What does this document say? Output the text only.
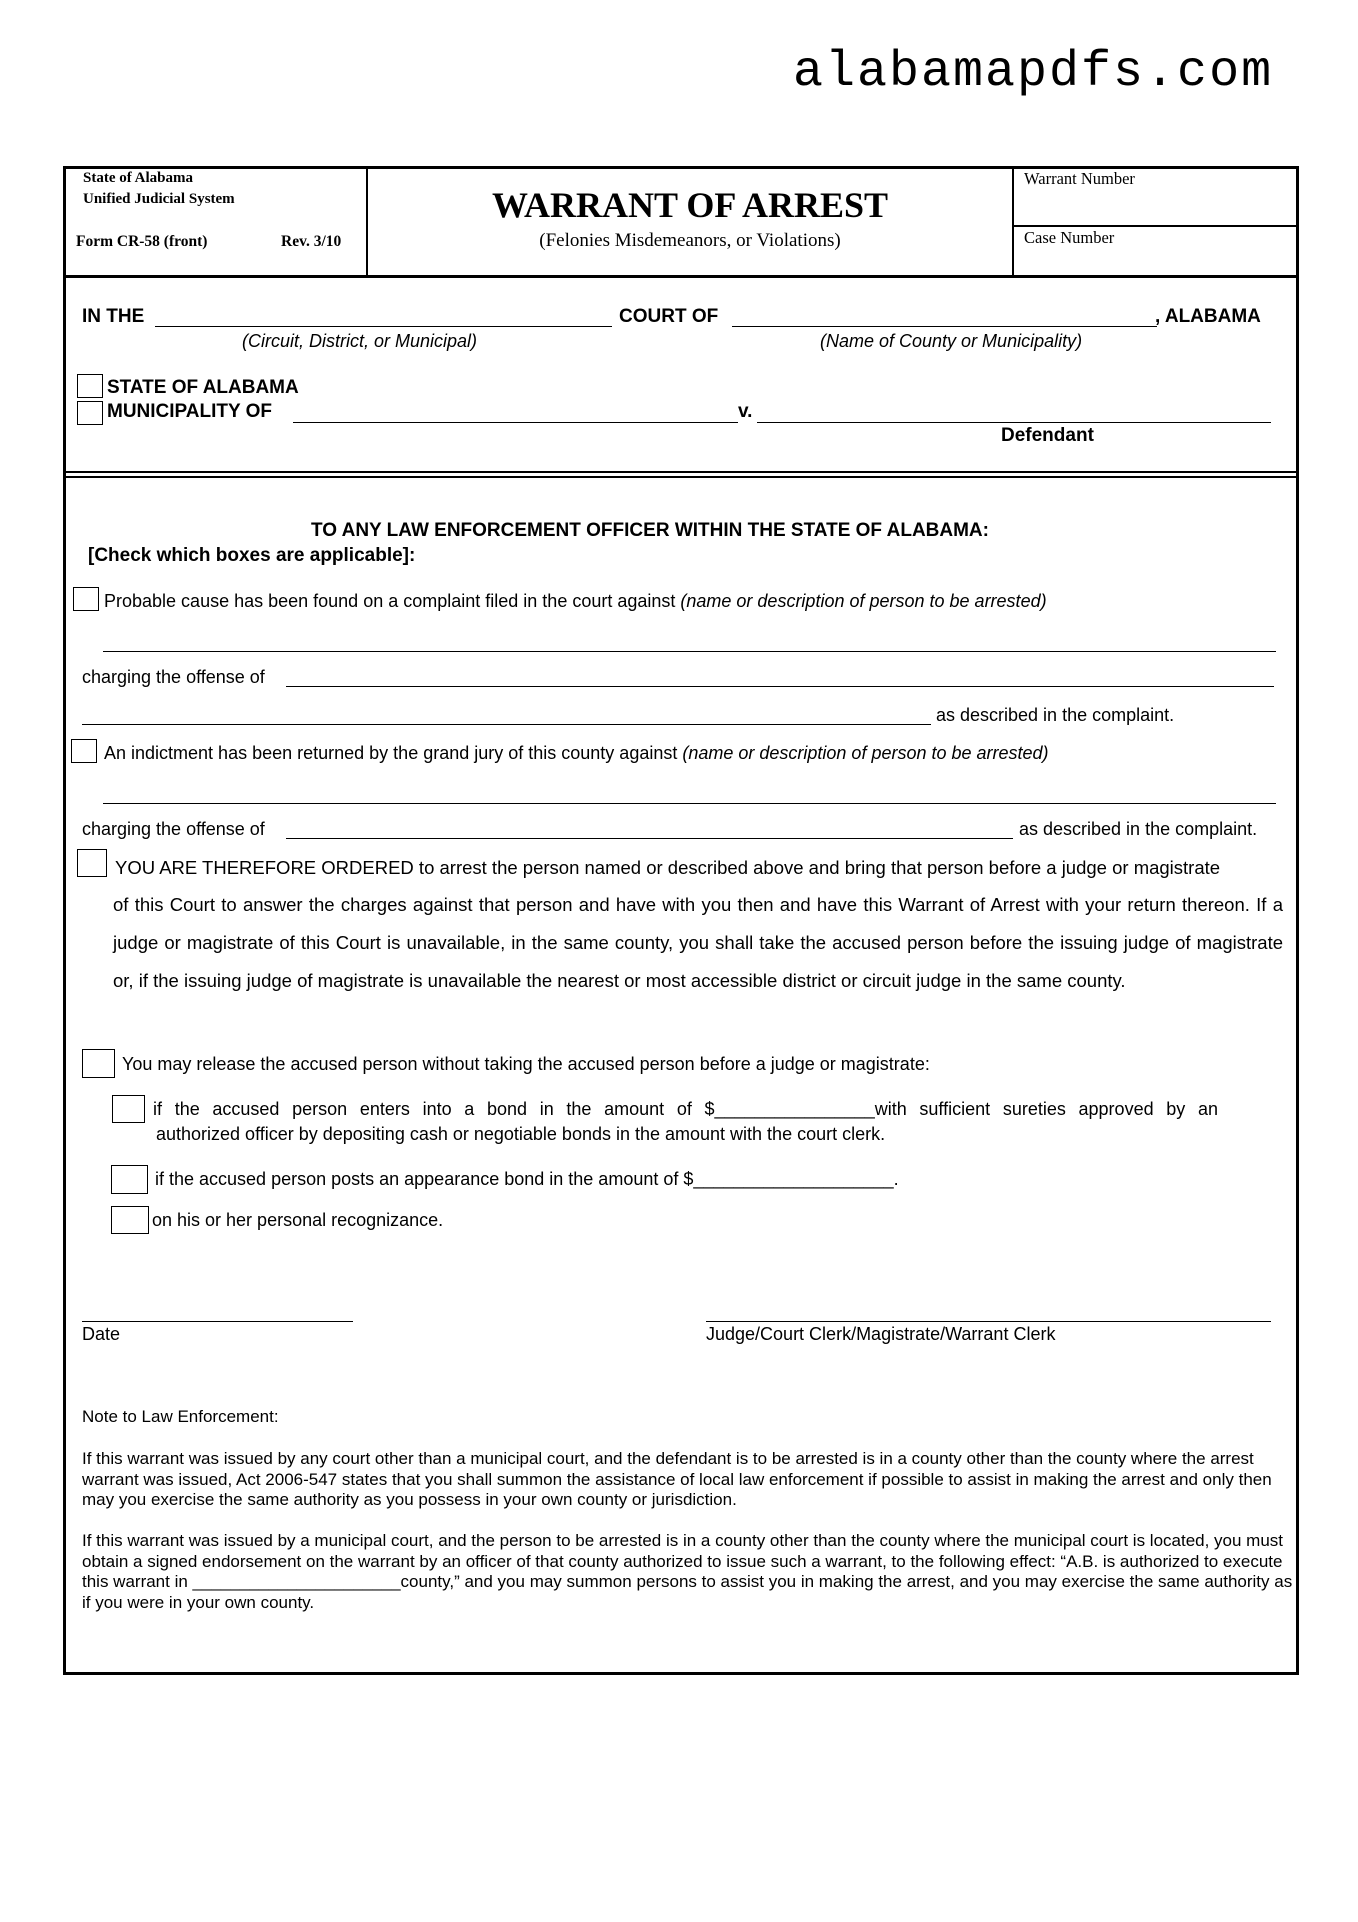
alabamapdfs.com
State of Alabama
Unified Judicial System
Form CR-58 (front)	Rev. 3/10
WARRANT OF ARREST
(Felonies Misdemeanors, or Violations)
Warrant Number
Case Number
IN THE	COURT OF	, ALABAMA
(Circuit, District, or Municipal)	(Name of County or Municipality)
STATE OF ALABAMA
MUNICIPALITY OF	v.
Defendant
TO ANY LAW ENFORCEMENT OFFICER WITHIN THE STATE OF ALABAMA:
[Check which boxes are applicable]:
Probable cause has been found on a complaint filed in the court against (name or description of person to be arrested)
charging the offense of
as described in the complaint.
An indictment has been returned by the grand jury of this county against (name or description of person to be arrested)
charging the offense of	as described in the complaint.
YOU ARE THEREFORE ORDERED to arrest the person named or described above and bring that person before a judge or magistrate
of this Court to answer the charges against that person and have with you then and have this Warrant of Arrest with your return thereon. If a judge or magistrate of this Court is unavailable, in the same county, you shall take the accused person before the issuing judge of magistrate or, if the issuing judge of magistrate is unavailable the nearest or most accessible district or circuit judge in the same county.
You may release the accused person without taking the accused person before a judge or magistrate:
if the accused person enters into a bond in the amount of $________________with sufficient sureties approved by an
authorized officer by depositing cash or negotiable bonds in the amount with the court clerk.
if the accused person posts an appearance bond in the amount of $____________________.
on his or her personal recognizance.
Date	Judge/Court Clerk/Magistrate/Warrant Clerk
Note to Law Enforcement:
If this warrant was issued by any court other than a municipal court, and the defendant is to be arrested is in a county other than the county where the arrest warrant was issued, Act 2006-547 states that you shall summon the assistance of local law enforcement if possible to assist in making the arrest and only then may you exercise the same authority as you possess in your own county or jurisdiction.
If this warrant was issued by a municipal court, and the person to be arrested is in a county other than the county where the municipal court is located, you must obtain a signed endorsement on the warrant by an officer of that county authorized to issue such a warrant, to the following effect: “A.B. is authorized to execute this warrant in ______________________county,” and you may summon persons to assist you in making the arrest, and you may exercise the same authority as if you were in your own county.
